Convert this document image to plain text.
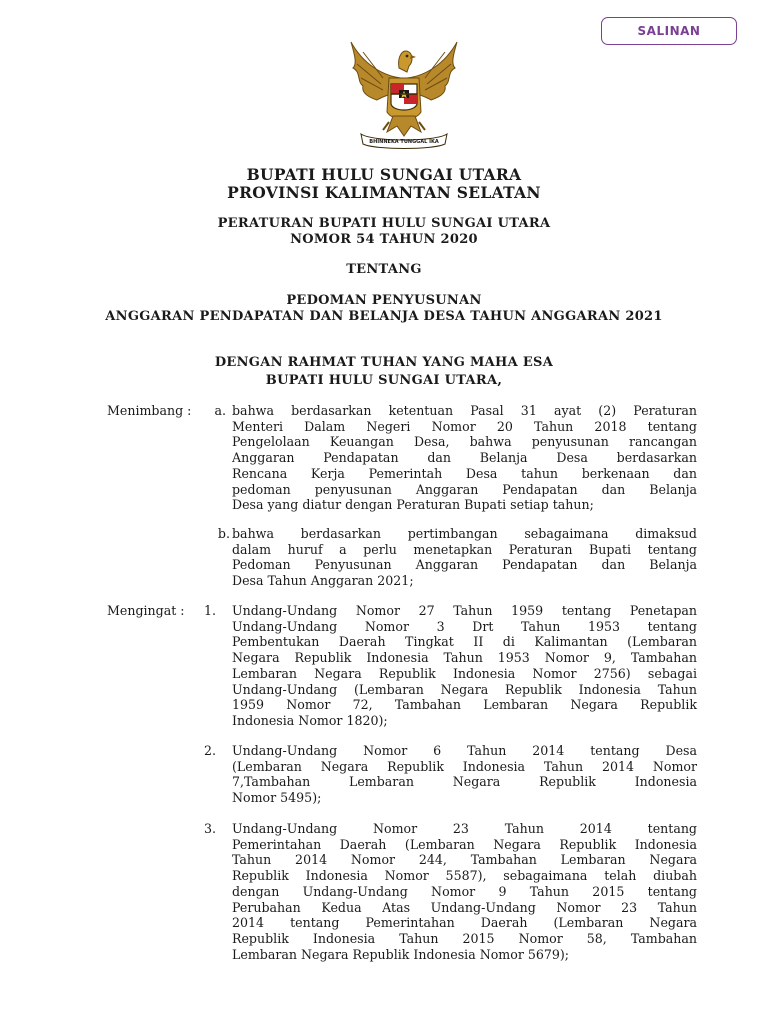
SALINAN
BHINNEKA TUNGGAL IKA
BUPATI HULU SUNGAI UTARA
PROVINSI KALIMANTAN SELATAN
PERATURAN BUPATI HULU SUNGAI UTARA
NOMOR 54 TAHUN 2020
TENTANG
PEDOMAN PENYUSUNAN
ANGGARAN PENDAPATAN DAN BELANJA DESA TAHUN ANGGARAN 2021
DENGAN RAHMAT TUHAN YANG MAHA ESA
BUPATI HULU SUNGAI UTARA,
Menimbang :	a. bahwa berdasarkan ketentuan Pasal 31 ayat (2) Peraturan
Menteri Dalam Negeri Nomor 20 Tahun 2018 tentang
Pengelolaan Keuangan Desa, bahwa penyusunan rancangan
Anggaran Pendapatan dan Belanja Desa berdasarkan
Rencana Kerja Pemerintah Desa tahun berkenaan dan
pedoman penyusunan Anggaran Pendapatan dan Belanja
Desa yang diatur dengan Peraturan Bupati setiap tahun;
b. bahwa berdasarkan pertimbangan sebagaimana dimaksud
dalam huruf a perlu menetapkan Peraturan Bupati tentang
Pedoman Penyusunan Anggaran Pendapatan dan Belanja
Desa Tahun Anggaran 2021;
Mengingat :	1. Undang-Undang Nomor 27 Tahun 1959 tentang Penetapan
Undang-Undang Nomor 3 Drt Tahun 1953 tentang
Pembentukan Daerah Tingkat II di Kalimantan (Lembaran
Negara Republik Indonesia Tahun 1953 Nomor 9, Tambahan
Lembaran Negara Republik Indonesia Nomor 2756) sebagai
Undang-Undang (Lembaran Negara Republik Indonesia Tahun
1959 Nomor 72, Tambahan Lembaran Negara Republik
Indonesia Nomor 1820);
2. Undang-Undang Nomor 6 Tahun 2014 tentang Desa
(Lembaran Negara Republik Indonesia Tahun 2014 Nomor
7,Tambahan Lembaran Negara Republik Indonesia
Nomor 5495);
3. Undang-Undang Nomor 23 Tahun 2014 tentang
Pemerintahan Daerah (Lembaran Negara Republik Indonesia
Tahun 2014 Nomor 244, Tambahan Lembaran Negara
Republik Indonesia Nomor 5587), sebagaimana telah diubah
dengan Undang-Undang Nomor 9 Tahun 2015 tentang
Perubahan Kedua Atas Undang-Undang Nomor 23 Tahun
2014 tentang Pemerintahan Daerah (Lembaran Negara
Republik Indonesia Tahun 2015 Nomor 58, Tambahan
Lembaran Negara Republik Indonesia Nomor 5679);
